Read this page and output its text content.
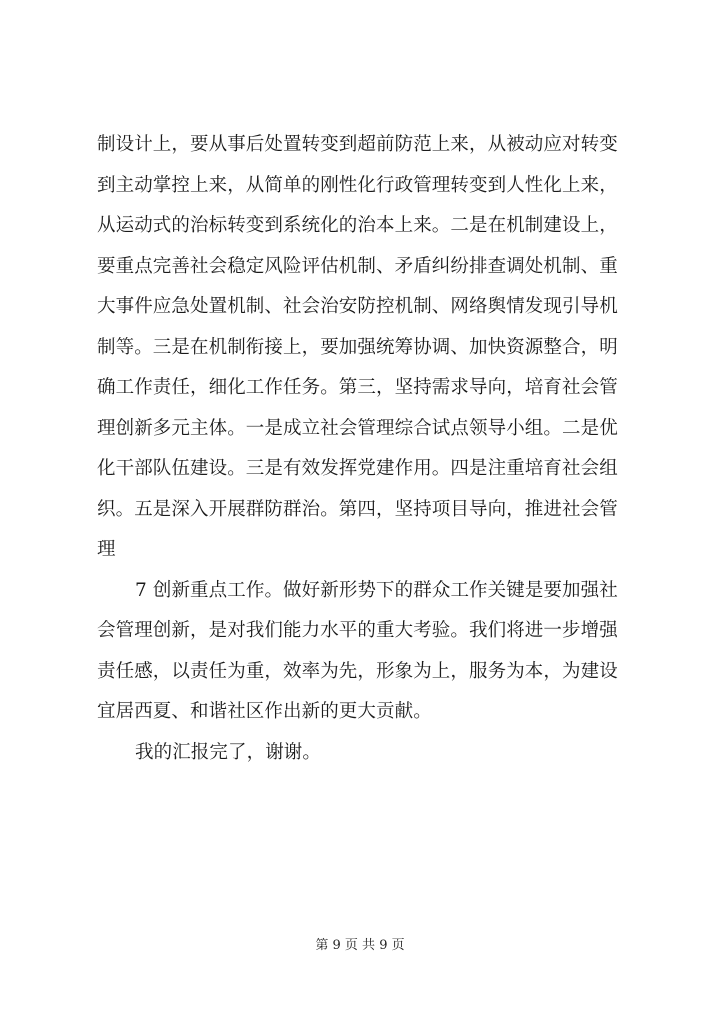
制设计上，要从事后处置转变到超前防范上来，从被动应对转变
到主动掌控上来，从简单的刚性化行政管理转变到人性化上来，
从运动式的治标转变到系统化的治本上来。二是在机制建设上，
要重点完善社会稳定风险评估机制、矛盾纠纷排查调处机制、重
大事件应急处置机制、社会治安防控机制、网络舆情发现引导机
制等。三是在机制衔接上，要加强统筹协调、加快资源整合，明
确工作责任，细化工作任务。第三，坚持需求导向，培育社会管
理创新多元主体。一是成立社会管理综合试点领导小组。二是优
化干部队伍建设。三是有效发挥党建作用。四是注重培育社会组
织。五是深入开展群防群治。第四，坚持项目导向，推进社会管
理
7 创新重点工作。做好新形势下的群众工作关键是要加强社
会管理创新，是对我们能力水平的重大考验。我们将进一步增强
责任感，以责任为重，效率为先，形象为上，服务为本，为建设
宜居西夏、和谐社区作出新的更大贡献。
我的汇报完了，谢谢。
第 9 页 共 9 页
